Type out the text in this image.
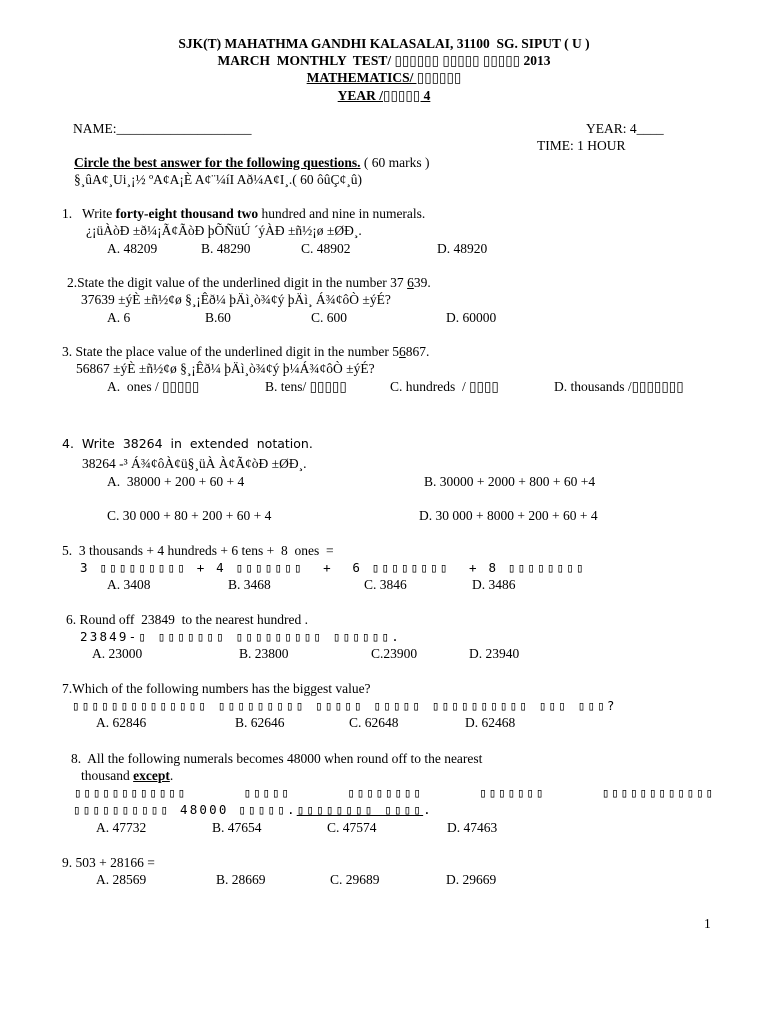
SJK(T) MAHATHMA GANDHI KALASALAI, 31100  SG. SIPUT ( U )
MARCH  MONTHLY  TEST/ ▯▯▯▯▯▯ ▯▯▯▯▯ ▯▯▯▯▯ 2013
MATHEMATICS/ ▯▯▯▯▯▯
YEAR /▯▯▯▯▯ 4
NAME:____________________	YEAR: 4____
TIME: 1 HOUR
Circle the best answer for the following questions. ( 60 marks )
§¸ûA¢¸Ui¸¡½ ºA¢A¡È A¢¨¼íI Að¼A¢I¸.( 60 ôûÇ¢¸û)
1.   Write forty-eight thousand two hundred and nine in numerals.
¿¡üÀòÐ ±ð¼¡Ã¢ÃòÐ þÕÑüÚ ´ýÀÐ ±ñ½¡ø ±ØÐ¸.
A. 48209	B. 48290	C. 48902	D. 48920
2.State the digit value of the underlined digit in the number 37 639.
37639 ±ýÈ ±ñ½¢ø §¸¡Êð¼ þÄì¸ò¾¢ý þÄì¸ Á¾¢ôÒ ±ýÉ?
A. 6	B.60	C. 600	D. 60000
3. State the place value of the underlined digit in the number 56867.
56867 ±ýÈ ±ñ½¢ø §¸¡Êð¼ þÄì¸ò¾¢ý þ¼Á¾¢ôÒ ±ýÉ?
A.  ones / ▯▯▯▯▯	B. tens/ ▯▯▯▯▯	C. hundreds  / ▯▯▯▯	D. thousands /▯▯▯▯▯▯▯
4.  Write  38264  in  extended  notation.
38264 -³ Á¾¢ôÀ¢ü§¸üÀ À¢Ã¢òÐ ±ØÐ¸.
A.  38000 + 200 + 60 + 4	B. 30000 + 2000 + 800 + 60 +4
C. 30 000 + 80 + 200 + 60 + 4	D. 30 000 + 8000 + 200 + 60 + 4
5.  3 thousands + 4 hundreds + 6 tens +  8  ones  =
3 ▯▯▯▯▯▯▯▯▯ + 4 ▯▯▯▯▯▯▯  +  6 ▯▯▯▯▯▯▯▯  + 8 ▯▯▯▯▯▯▯▯
A. 3408	B. 3468	C. 3846	D. 3486
6. Round off  23849  to the nearest hundred .
23849-▯ ▯▯▯▯▯▯▯ ▯▯▯▯▯▯▯▯▯ ▯▯▯▯▯▯.
A. 23000	B. 23800	C.23900	D. 23940
7.Which of the following numbers has the biggest value?
▯▯▯▯▯▯▯▯▯▯▯▯▯▯ ▯▯▯▯▯▯▯▯▯ ▯▯▯▯▯ ▯▯▯▯▯ ▯▯▯▯▯▯▯▯▯▯ ▯▯▯ ▯▯▯?
A. 62846	B. 62646	C. 62648	D. 62468
8.  All the following numerals becomes 48000 when round off to the nearest
thousand except.
▯▯▯▯▯▯▯▯▯▯▯▯      ▯▯▯▯▯      ▯▯▯▯▯▯▯▯      ▯▯▯▯▯▯▯      ▯▯▯▯▯▯▯▯▯▯▯▯
▯▯▯▯▯▯▯▯▯▯ 48000 ▯▯▯▯▯.▯▯▯▯▯▯▯▯ ▯▯▯▯.
A. 47732	B. 47654	C. 47574	D. 47463
9. 503 + 28166 =
A. 28569	B. 28669	C. 29689	D. 29669
1
